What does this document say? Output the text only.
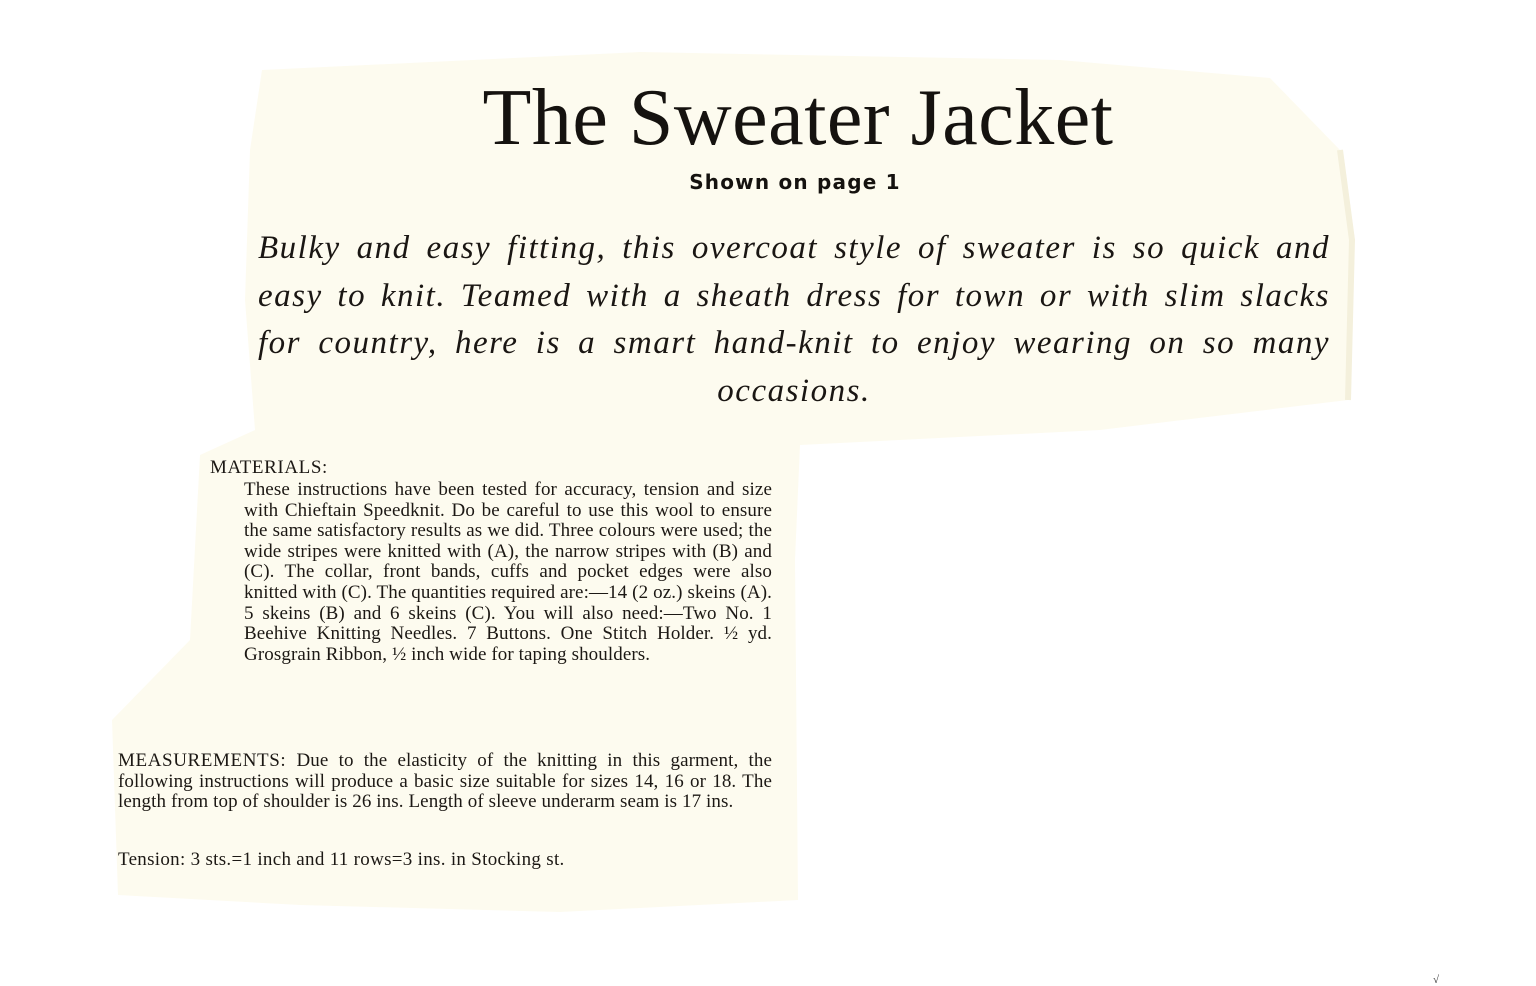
The Sweater Jacket
Shown on page 1

Bulky and easy fitting, this overcoat style of sweater is so quick and easy to knit. Teamed with a sheath dress for town or with slim slacks for country, here is a smart hand-knit to enjoy wearing on so many occasions.

MATERIALS:
These instructions have been tested for accuracy, tension and size with Chieftain Speedknit. Do be careful to use this wool to ensure the same satisfactory results as we did. Three colours were used; the wide stripes were knitted with (A), the narrow stripes with (B) and (C). The collar, front bands, cuffs and pocket edges were also knitted with (C). The quantities required are:—14 (2 oz.) skeins (A). 5 skeins (B) and 6 skeins (C). You will also need:—Two No. 1 Beehive Knitting Needles. 7 Buttons. One Stitch Holder. ½ yd. Grosgrain Ribbon, ½ inch wide for taping shoulders.
MEASUREMENTS: Due to the elasticity of the knitting in this garment, the following instructions will produce a basic size suitable for sizes 14, 16 or 18. The length from top of shoulder is 26 ins. Length of sleeve underarm seam is 17 ins.
Tension: 3 sts.=1 inch and 11 rows=3 ins. in Stocking st.
√
